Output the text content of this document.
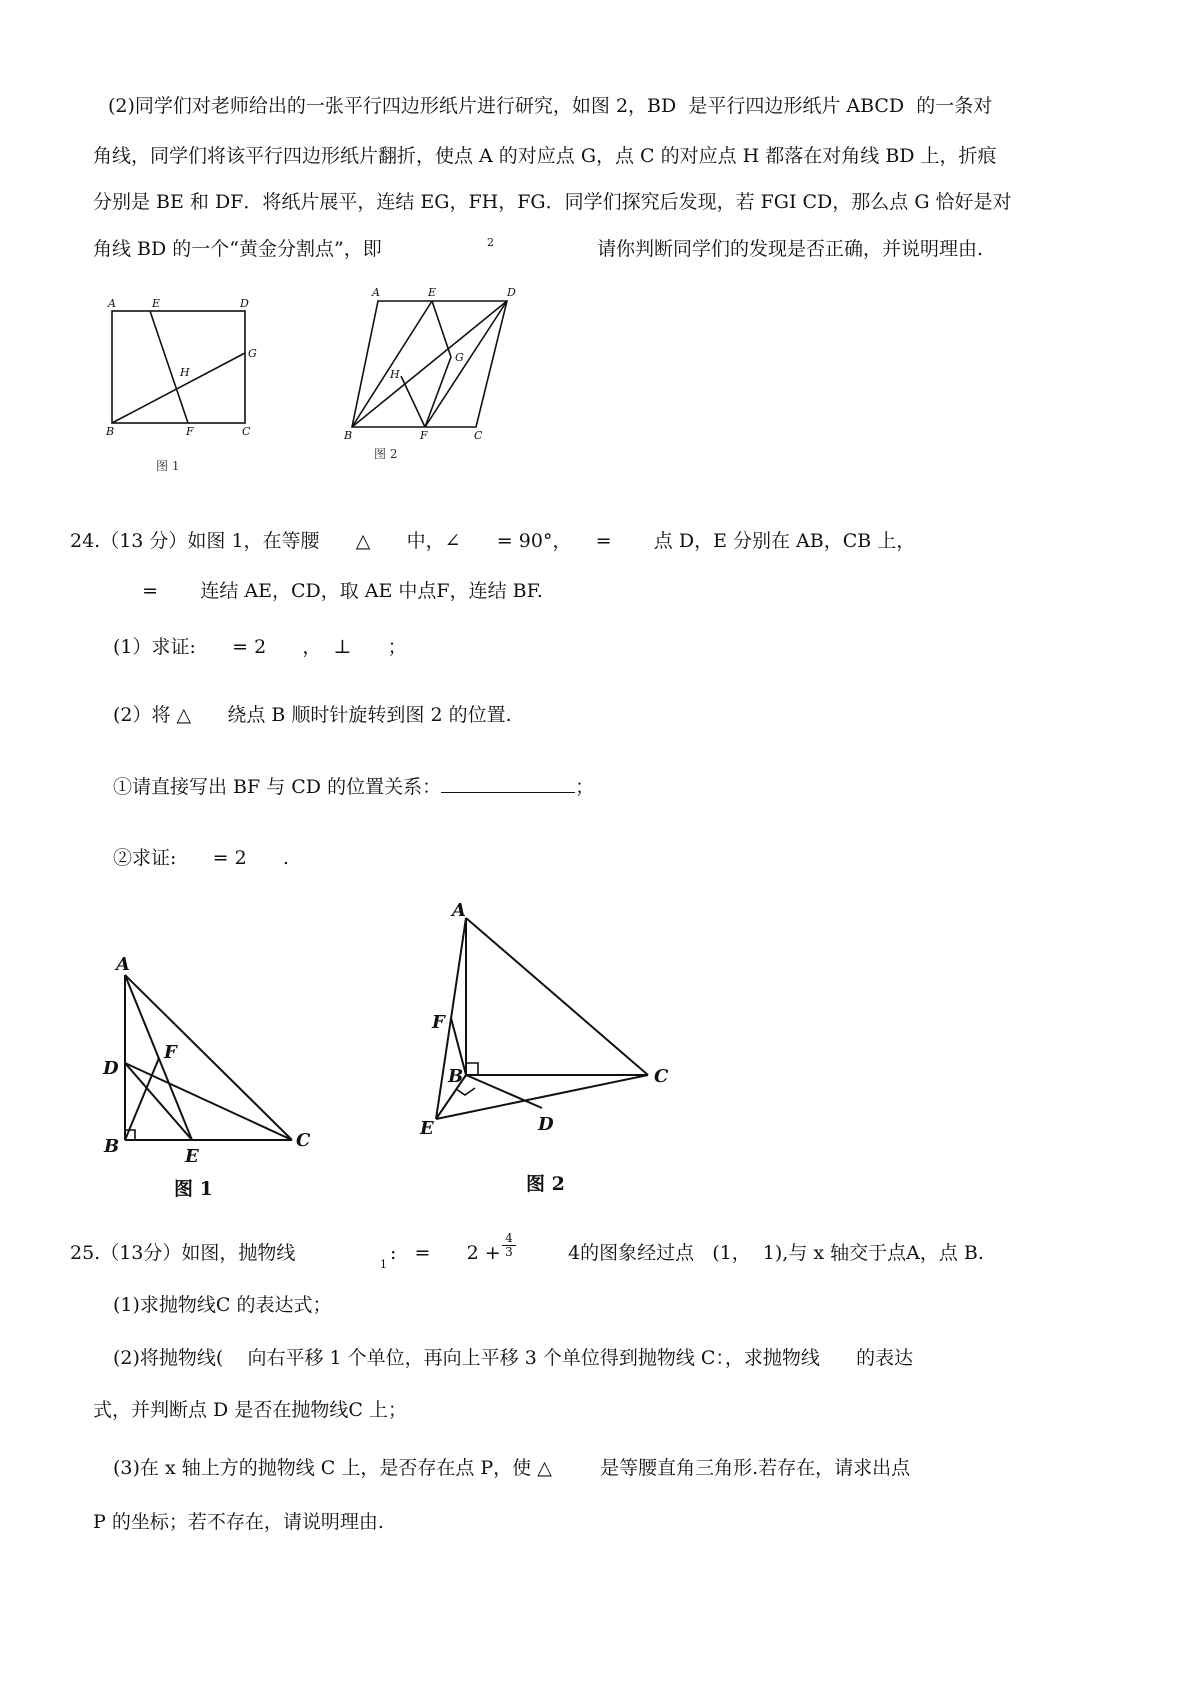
(2)同学们对老师给出的一张平行四边形纸片进行研究，如图 2，BD  是平行四边形纸片 ABCD  的一条对
角线，同学们将该平行四边形纸片翻折，使点 A 的对应点 G，点 C 的对应点 H 都落在对角线 BD 上，折痕
分别是 BE 和 DF．将纸片展平，连结 EG，FH，FG．同学们探究后发现，若 FGI CD，那么点 G 恰好是对
角线 BD 的一个“黄金分割点”，即	2	请你判断同学们的发现是否正确，并说明理由.
A	E	D
G
H
B	F	C
图 1
A	E	D
G
H
B	F	C
图 2
24.（13 分）如图 1，在等腰      △      中，∠      = 90°，    =       点 D，E 分别在 AB，CB 上，
=       连结 AE，CD，取 AE 中点F，连结 BF.
(1）求证:      = 2      ，  ⊥      ；
(2）将 △      绕点 B 顺时针旋转到图 2 的位置.
①请直接写出 BF 与 CD 的位置关系：	；
②求证:      = 2      .
A
D
F
B	E
C
图 1
A
F
B	C
E	D
图 2
25.（13分）如图，抛物线
1
:   =      $2 + \frac{4}{3}$	4的图象经过点   (1，  1),与 x 轴交于点A，点 B.
(1)求抛物线C 的表达式；
(2)将抛物线(    向右平移 1 个单位，再向上平移 3 个单位得到抛物线 C：，求抛物线      的表达
式，并判断点 D 是否在抛物线C 上；
(3)在 x 轴上方的抛物线 C 上，是否存在点 P，使 △        是等腰直角三角形.若存在，请求出点
P 的坐标；若不存在，请说明理由.
